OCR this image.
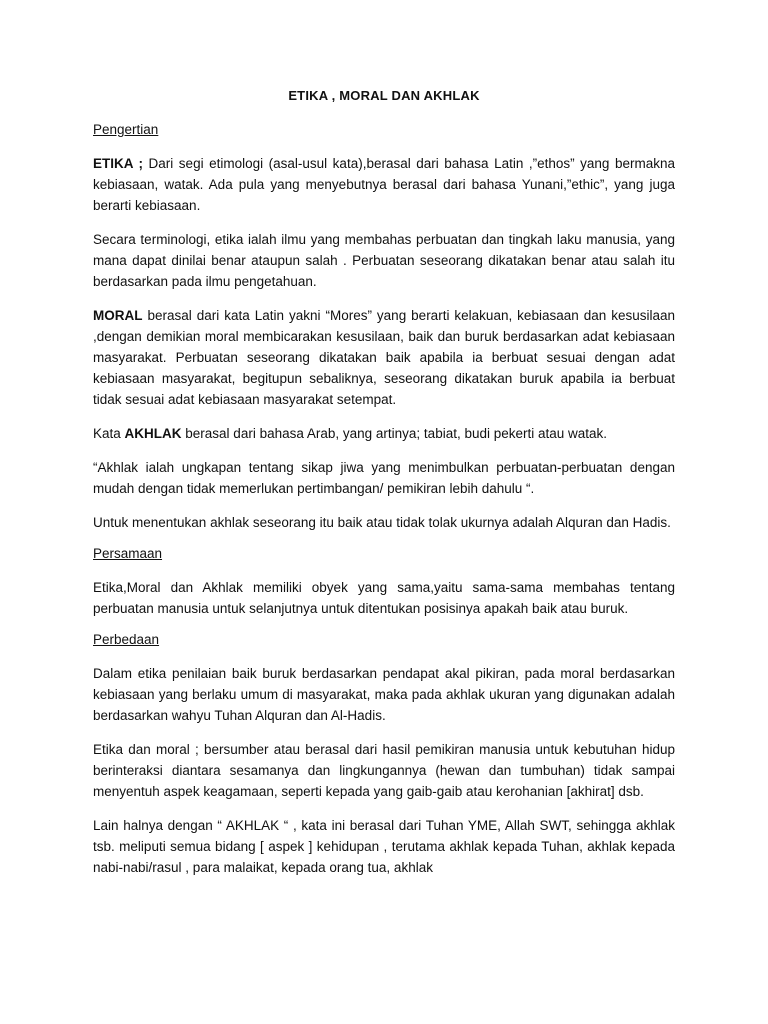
ETIKA , MORAL DAN AKHLAK
Pengertian

ETIKA ; Dari segi etimologi (asal-usul kata),berasal dari bahasa Latin ,”ethos” yang bermakna kebiasaan, watak. Ada pula yang menyebutnya berasal dari bahasa Yunani,”ethic”, yang juga berarti kebiasaan.

Secara terminologi, etika ialah ilmu yang membahas perbuatan dan tingkah laku manusia, yang mana dapat dinilai benar ataupun salah . Perbuatan seseorang dikatakan benar atau salah itu berdasarkan pada ilmu pengetahuan.

MORAL berasal dari kata Latin yakni “Mores” yang berarti kelakuan, kebiasaan dan kesusilaan ,dengan demikian moral membicarakan kesusilaan, baik dan buruk berdasarkan adat kebiasaan masyarakat. Perbuatan seseorang dikatakan baik apabila ia berbuat sesuai dengan adat kebiasaan masyarakat, begitupun sebaliknya, seseorang dikatakan buruk apabila ia berbuat tidak sesuai adat kebiasaan masyarakat setempat.

Kata AKHLAK berasal dari bahasa Arab, yang artinya; tabiat, budi pekerti atau watak.

“Akhlak ialah ungkapan tentang sikap jiwa yang menimbulkan perbuatan-perbuatan dengan mudah dengan tidak memerlukan pertimbangan/ pemikiran lebih dahulu “.

Untuk menentukan akhlak seseorang itu baik atau tidak tolak ukurnya adalah Alquran dan Hadis.

Persamaan

Etika,Moral dan Akhlak memiliki obyek yang sama,yaitu sama-sama membahas tentang perbuatan manusia untuk selanjutnya untuk ditentukan posisinya apakah baik atau buruk.

Perbedaan

Dalam etika penilaian baik buruk berdasarkan pendapat akal pikiran, pada moral berdasarkan kebiasaan yang berlaku umum di masyarakat, maka pada akhlak ukuran yang digunakan adalah berdasarkan wahyu Tuhan Alquran dan Al-Hadis.

Etika dan moral ; bersumber atau berasal dari hasil pemikiran manusia untuk kebutuhan hidup berinteraksi diantara sesamanya dan lingkungannya (hewan dan tumbuhan) tidak sampai menyentuh aspek keagamaan, seperti kepada yang gaib-gaib atau kerohanian [akhirat] dsb.

Lain halnya dengan “ AKHLAK “ , kata ini berasal dari Tuhan YME, Allah SWT, sehingga akhlak tsb. meliputi semua bidang [ aspek ] kehidupan , terutama akhlak kepada Tuhan, akhlak kepada nabi-nabi/rasul , para malaikat, kepada orang tua, akhlak
